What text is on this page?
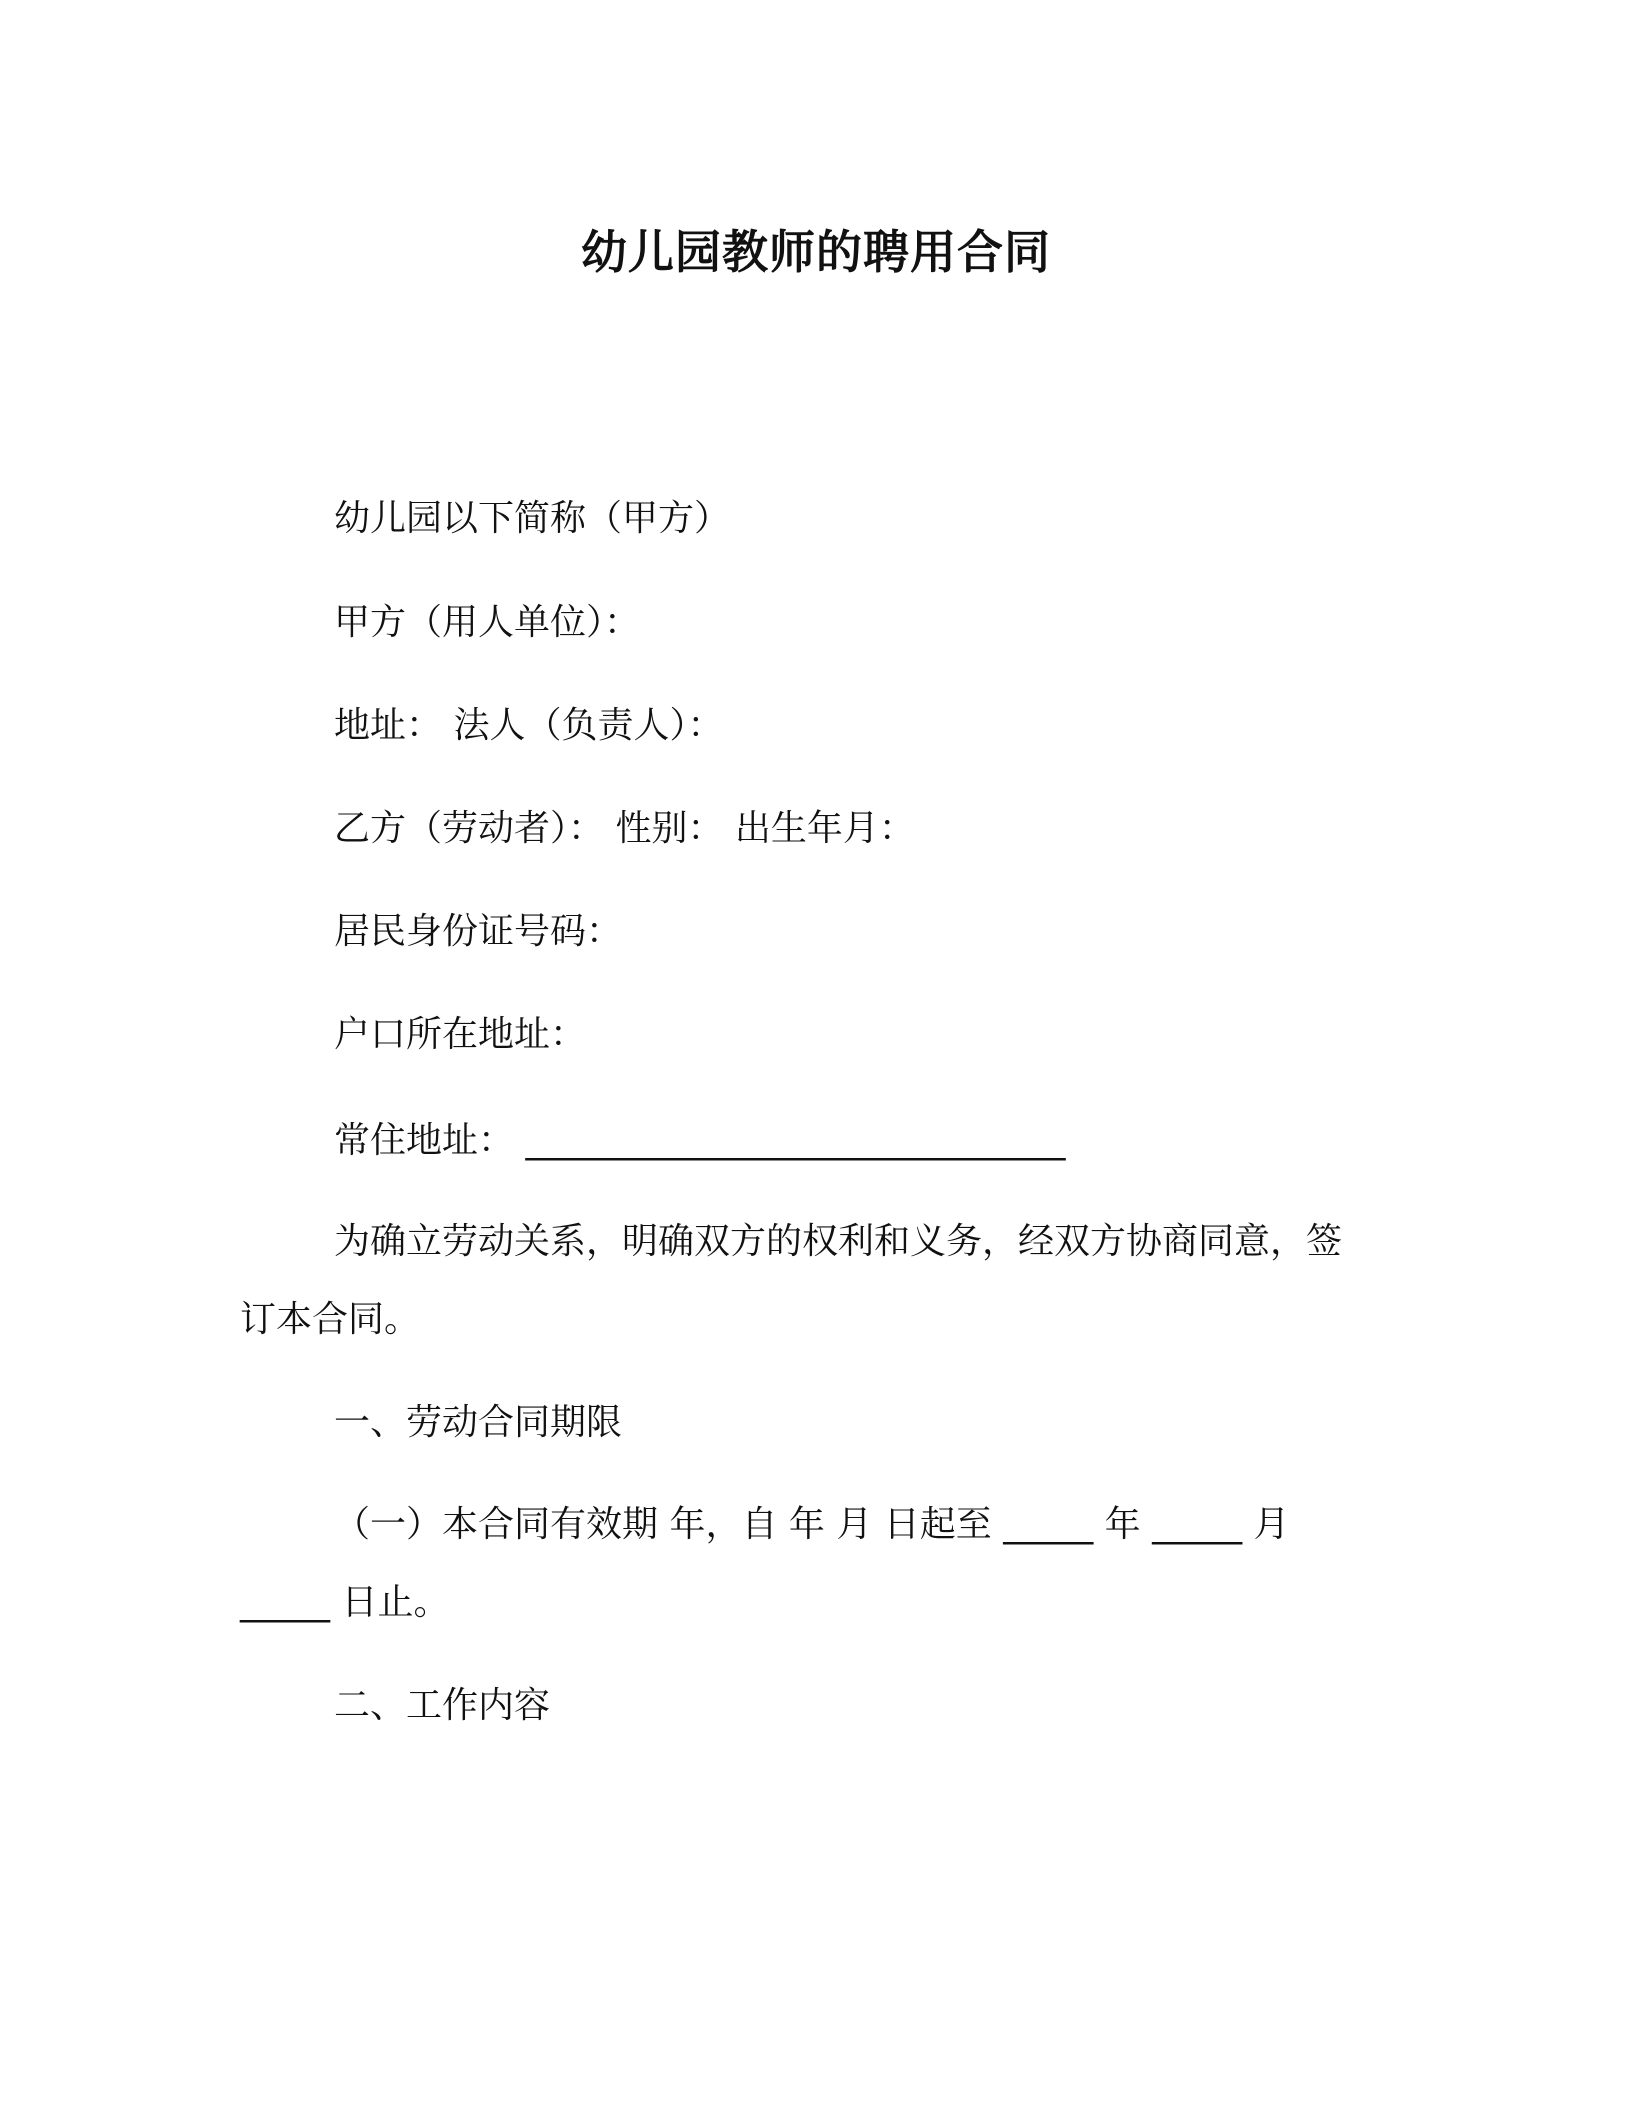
幼儿园教师的聘用合同
幼儿园以下简称（甲方）
甲方（用人单位）：
地址： 法人（负责人）：
乙方（劳动者）： 性别： 出生年月：
居民身份证号码：
户口所在地址：
常住地址： ______________________________
为确立劳动关系，明确双方的权利和义务，经双方协商同意，签
订本合同。
一、劳动合同期限
（一）本合同有效期 年，自 年 月 日起至 _____ 年 _____ 月
_____ 日止。
二、工作内容
